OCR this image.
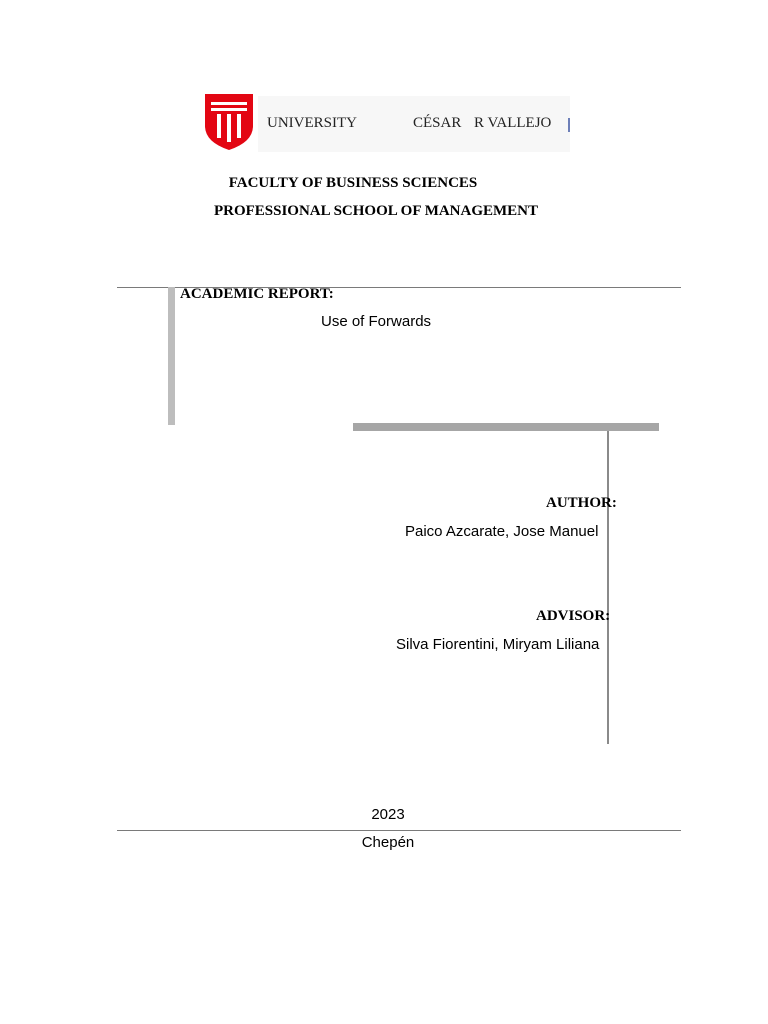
UNIVERSITY	CÉSAR R VALLEJO
FACULTY OF BUSINESS SCIENCES
PROFESSIONAL SCHOOL OF MANAGEMENT
ACADEMIC REPORT:
Use of Forwards
AUTHOR:
Paico Azcarate, Jose Manuel
ADVISOR:
Silva Fiorentini, Miryam Liliana
2023
Chepén
